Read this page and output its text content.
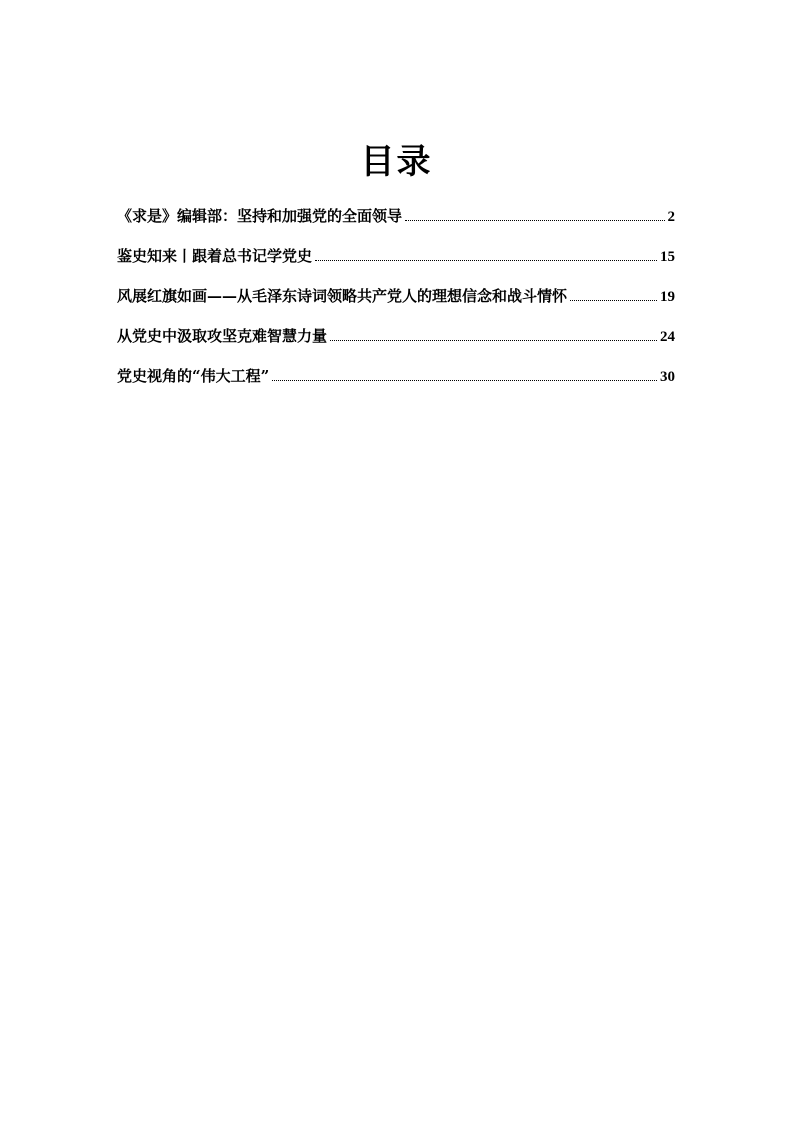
目录
《求是》编辑部：坚持和加强党的全面领导	2
鉴史知来丨跟着总书记学党史	15
风展红旗如画——从毛泽东诗词领略共产党人的理想信念和战斗情怀	19
从党史中汲取攻坚克难智慧力量	24
党史视角的“伟大工程”	30
